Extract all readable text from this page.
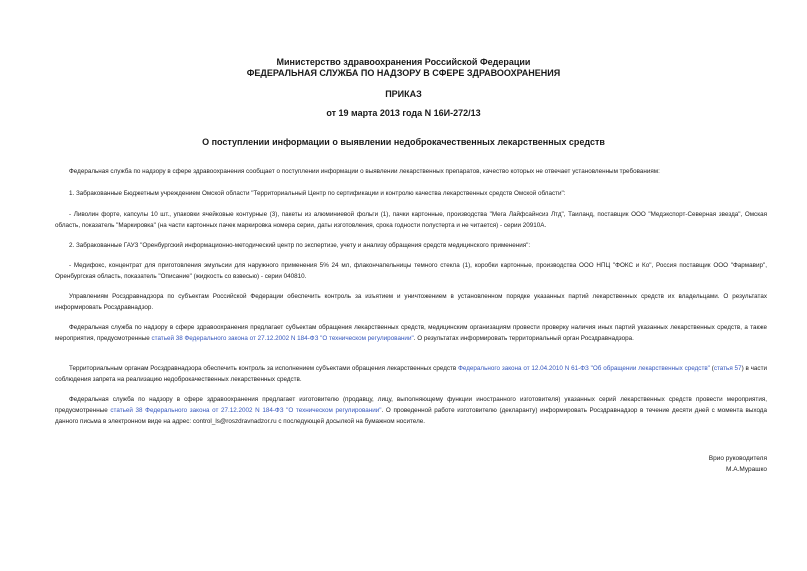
Министерство здравоохранения Российской Федерации
ФЕДЕРАЛЬНАЯ СЛУЖБА ПО НАДЗОРУ В СФЕРЕ ЗДРАВООХРАНЕНИЯ
ПРИКАЗ
от 19 марта 2013 года N 16И-272/13
О поступлении информации о выявлении недоброкачественных лекарственных средств
Федеральная служба по надзору в сфере здравоохранения сообщает о поступлении информации о выявлении лекарственных препаратов, качество которых не отвечает установленным требованиям:
1. Забракованные Бюджетным учреждением Омской области "Территориальный Центр по сертификации и контролю качества лекарственных средств Омской области":
- Ливолин форте, капсулы 10 шт., упаковки ячейковые контурные (3), пакеты из алюминиевой фольги (1), пачки картонные, производства "Мега Лайфсайнсиз Лтд", Таиланд, поставщик ООО "Медэкспорт-Северная звезда", Омская область, показатель "Маркировка" (на части картонных пачек маркировка номера серии, даты изготовления, срока годности полустерта и не читается) - серии 20910А.
2. Забракованные ГАУЗ "Оренбургский информационно-методический центр по экспертизе, учету и анализу обращения средств медицинского применения":
- Медифокс, концентрат для приготовления эмульсии для наружного применения 5% 24 мл, флакончапельницы темного стекла (1), коробки картонные, производства ООО НПЦ "ФОКС и Ко", Россия поставщик ООО "Фармавир", Оренбургская область, показатель "Описание" (жидкость со взвесью) - серии 040810.
Управлениям Росздравнадзора по субъектам Российской Федерации обеспечить контроль за изъятием и уничтожением в установленном порядке указанных партий лекарственных средств их владельцами. О результатах информировать Росздравнадзор.
Федеральная служба по надзору в сфере здравоохранения предлагает субъектам обращения лекарственных средств, медицинским организациям провести проверку наличия иных партий указанных лекарственных средств, а также мероприятия, предусмотренные статьей 38 Федерального закона от 27.12.2002 N 184-ФЗ "О техническом регулировании". О результатах информировать территориальный орган Росздравнадзора.
Территориальным органам Росздравнадзора обеспечить контроль за исполнением субъектами обращения лекарственных средств Федерального закона от 12.04.2010 N 61-ФЗ "Об обращении лекарственных средств" (статья 57) в части соблюдения запрета на реализацию недоброкачественных лекарственных средств.
Федеральная служба по надзору в сфере здравоохранения предлагает изготовителю (продавцу, лицу, выполняющему функции иностранного изготовителя) указанных серий лекарственных средств провести мероприятия, предусмотренные статьей 38 Федерального закона от 27.12.2002 N 184-ФЗ "О техническом регулировании". О проведенной работе изготовителю (декларанту) информировать Росздравнадзор в течение десяти дней с момента выхода данного письма в электронном виде на адрес: control_ls@roszdravnadzor.ru с последующей досылкой на бумажном носителе.
Врио руководителя
М.А.Мурашко
